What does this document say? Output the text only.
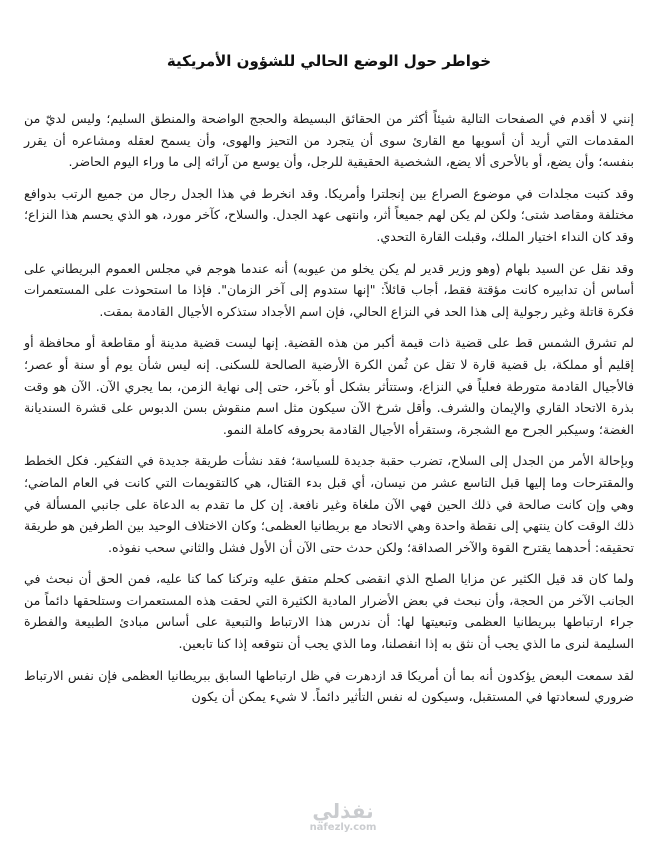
خواطر حول الوضع الحالي للشؤون الأمريكية

إنني لا أقدم في الصفحات التالية شيئاً أكثر من الحقائق البسيطة والحجج الواضحة والمنطق السليم؛ وليس لديّ من المقدمات التي أريد أن أسويها مع القارئ سوى أن يتجرد من التحيز والهوى، وأن يسمح لعقله ومشاعره أن يقرر بنفسه؛ وأن يضع، أو بالأحرى ألا يضع، الشخصية الحقيقية للرجل، وأن يوسع من آرائه إلى ما وراء اليوم الحاضر.

وقد كتبت مجلدات في موضوع الصراع بين إنجلترا وأمريكا. وقد انخرط في هذا الجدل رجال من جميع الرتب بدوافع مختلفة ومقاصد شتى؛ ولكن لم يكن لهم جميعاً أثر، وانتهى عهد الجدل. والسلاح، كآخر مورد، هو الذي يحسم هذا النزاع؛ وقد كان النداء اختيار الملك، وقبلت القارة التحدي.

وقد نقل عن السيد بلهام (وهو وزير قدير لم يكن يخلو من عيوبه) أنه عندما هوجم في مجلس العموم البريطاني على أساس أن تدابيره كانت مؤقتة فقط، أجاب قائلاً: "إنها ستدوم إلى آخر الزمان". فإذا ما استحوذت على المستعمرات فكرة قاتلة وغير رجولية إلى هذا الحد في النزاع الحالي، فإن اسم الأجداد ستذكره الأجيال القادمة بمقت.

لم تشرق الشمس قط على قضية ذات قيمة أكبر من هذه القضية. إنها ليست قضية مدينة أو مقاطعة أو محافظة أو إقليم أو مملكة، بل قضية قارة لا تقل عن ثُمن الكرة الأرضية الصالحة للسكنى. إنه ليس شأن يوم أو سنة أو عصر؛ فالأجيال القادمة متورطة فعلياً في النزاع، وستتأثر بشكل أو بآخر، حتى إلى نهاية الزمن، بما يجري الآن. الآن هو وقت بذرة الاتحاد القاري والإيمان والشرف. وأقل شرخ الآن سيكون مثل اسم منقوش بسن الدبوس على قشرة السنديانة الغضة؛ وسيكبر الجرح مع الشجرة، وستقرأه الأجيال القادمة بحروفه كاملة النمو.

وبإحالة الأمر من الجدل إلى السلاح، تضرب حقبة جديدة للسياسة؛ فقد نشأت طريقة جديدة في التفكير. فكل الخطط والمقترحات وما إليها قبل التاسع عشر من نيسان، أي قبل بدء القتال، هي كالتقويمات التي كانت في العام الماضي؛ وهي وإن كانت صالحة في ذلك الحين فهي الآن ملغاة وغير نافعة. إن كل ما تقدم به الدعاة على جانبي المسألة في ذلك الوقت كان ينتهي إلى نقطة واحدة وهي الاتحاد مع بريطانيا العظمى؛ وكان الاختلاف الوحيد بين الطرفين هو طريقة تحقيقه: أحدهما يقترح القوة والآخر الصداقة؛ ولكن حدث حتى الآن أن الأول فشل والثاني سحب نفوذه.

ولما كان قد قيل الكثير عن مزايا الصلح الذي انقضى كحلم متفق عليه وتركنا كما كنا عليه، فمن الحق أن نبحث في الجانب الآخر من الحجة، وأن نبحث في بعض الأضرار المادية الكثيرة التي لحقت هذه المستعمرات وستلحقها دائماً من جراء ارتباطها ببريطانيا العظمى وتبعيتها لها: أن ندرس هذا الارتباط والتبعية على أساس مبادئ الطبيعة والفطرة السليمة لنرى ما الذي يجب أن نثق به إذا انفصلنا، وما الذي يجب أن نتوقعه إذا كنا تابعين.

لقد سمعت البعض يؤكدون أنه بما أن أمريكا قد ازدهرت في ظل ارتباطها السابق ببريطانيا العظمى فإن نفس الارتباط ضروري لسعادتها في المستقبل، وسيكون له نفس التأثير دائماً. لا شيء يمكن أن يكون

نفذلي
nafezly.com
